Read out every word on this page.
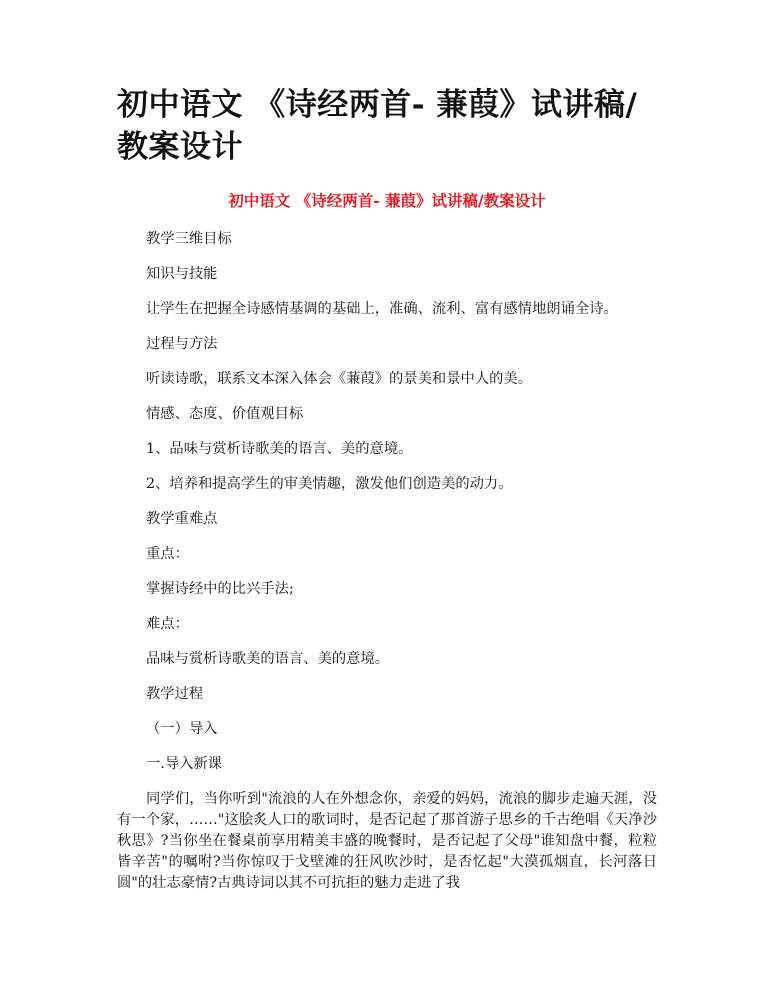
初中语文 《诗经两首- 蒹葭》试讲稿/教案设计
初中语文 《诗经两首- 蒹葭》试讲稿/教案设计

教学三维目标

知识与技能

让学生在把握全诗感情基调的基础上，准确、流利、富有感情地朗诵全诗。

过程与方法

听读诗歌，联系文本深入体会《蒹葭》的景美和景中人的美。

情感、态度、价值观目标

1、品味与赏析诗歌美的语言、美的意境。

2、培养和提高学生的审美情趣，激发他们创造美的动力。

教学重难点

重点：

掌握诗经中的比兴手法;

难点：

品味与赏析诗歌美的语言、美的意境。

教学过程

（一）导入

一.导入新课

同学们，当你听到"流浪的人在外想念你，亲爱的妈妈，流浪的脚步走遍天涯，没有一个家，……"这脍炙人口的歌词时，是否记起了那首游子思乡的千古绝唱《天净沙秋思》?当你坐在餐桌前享用精美丰盛的晚餐时，是否记起了父母"谁知盘中餐，粒粒皆辛苦"的嘱咐?当你惊叹于戈壁滩的狂风吹沙时，是否忆起"大漠孤烟直，长河落日圆"的壮志豪情?古典诗词以其不可抗拒的魅力走进了我
